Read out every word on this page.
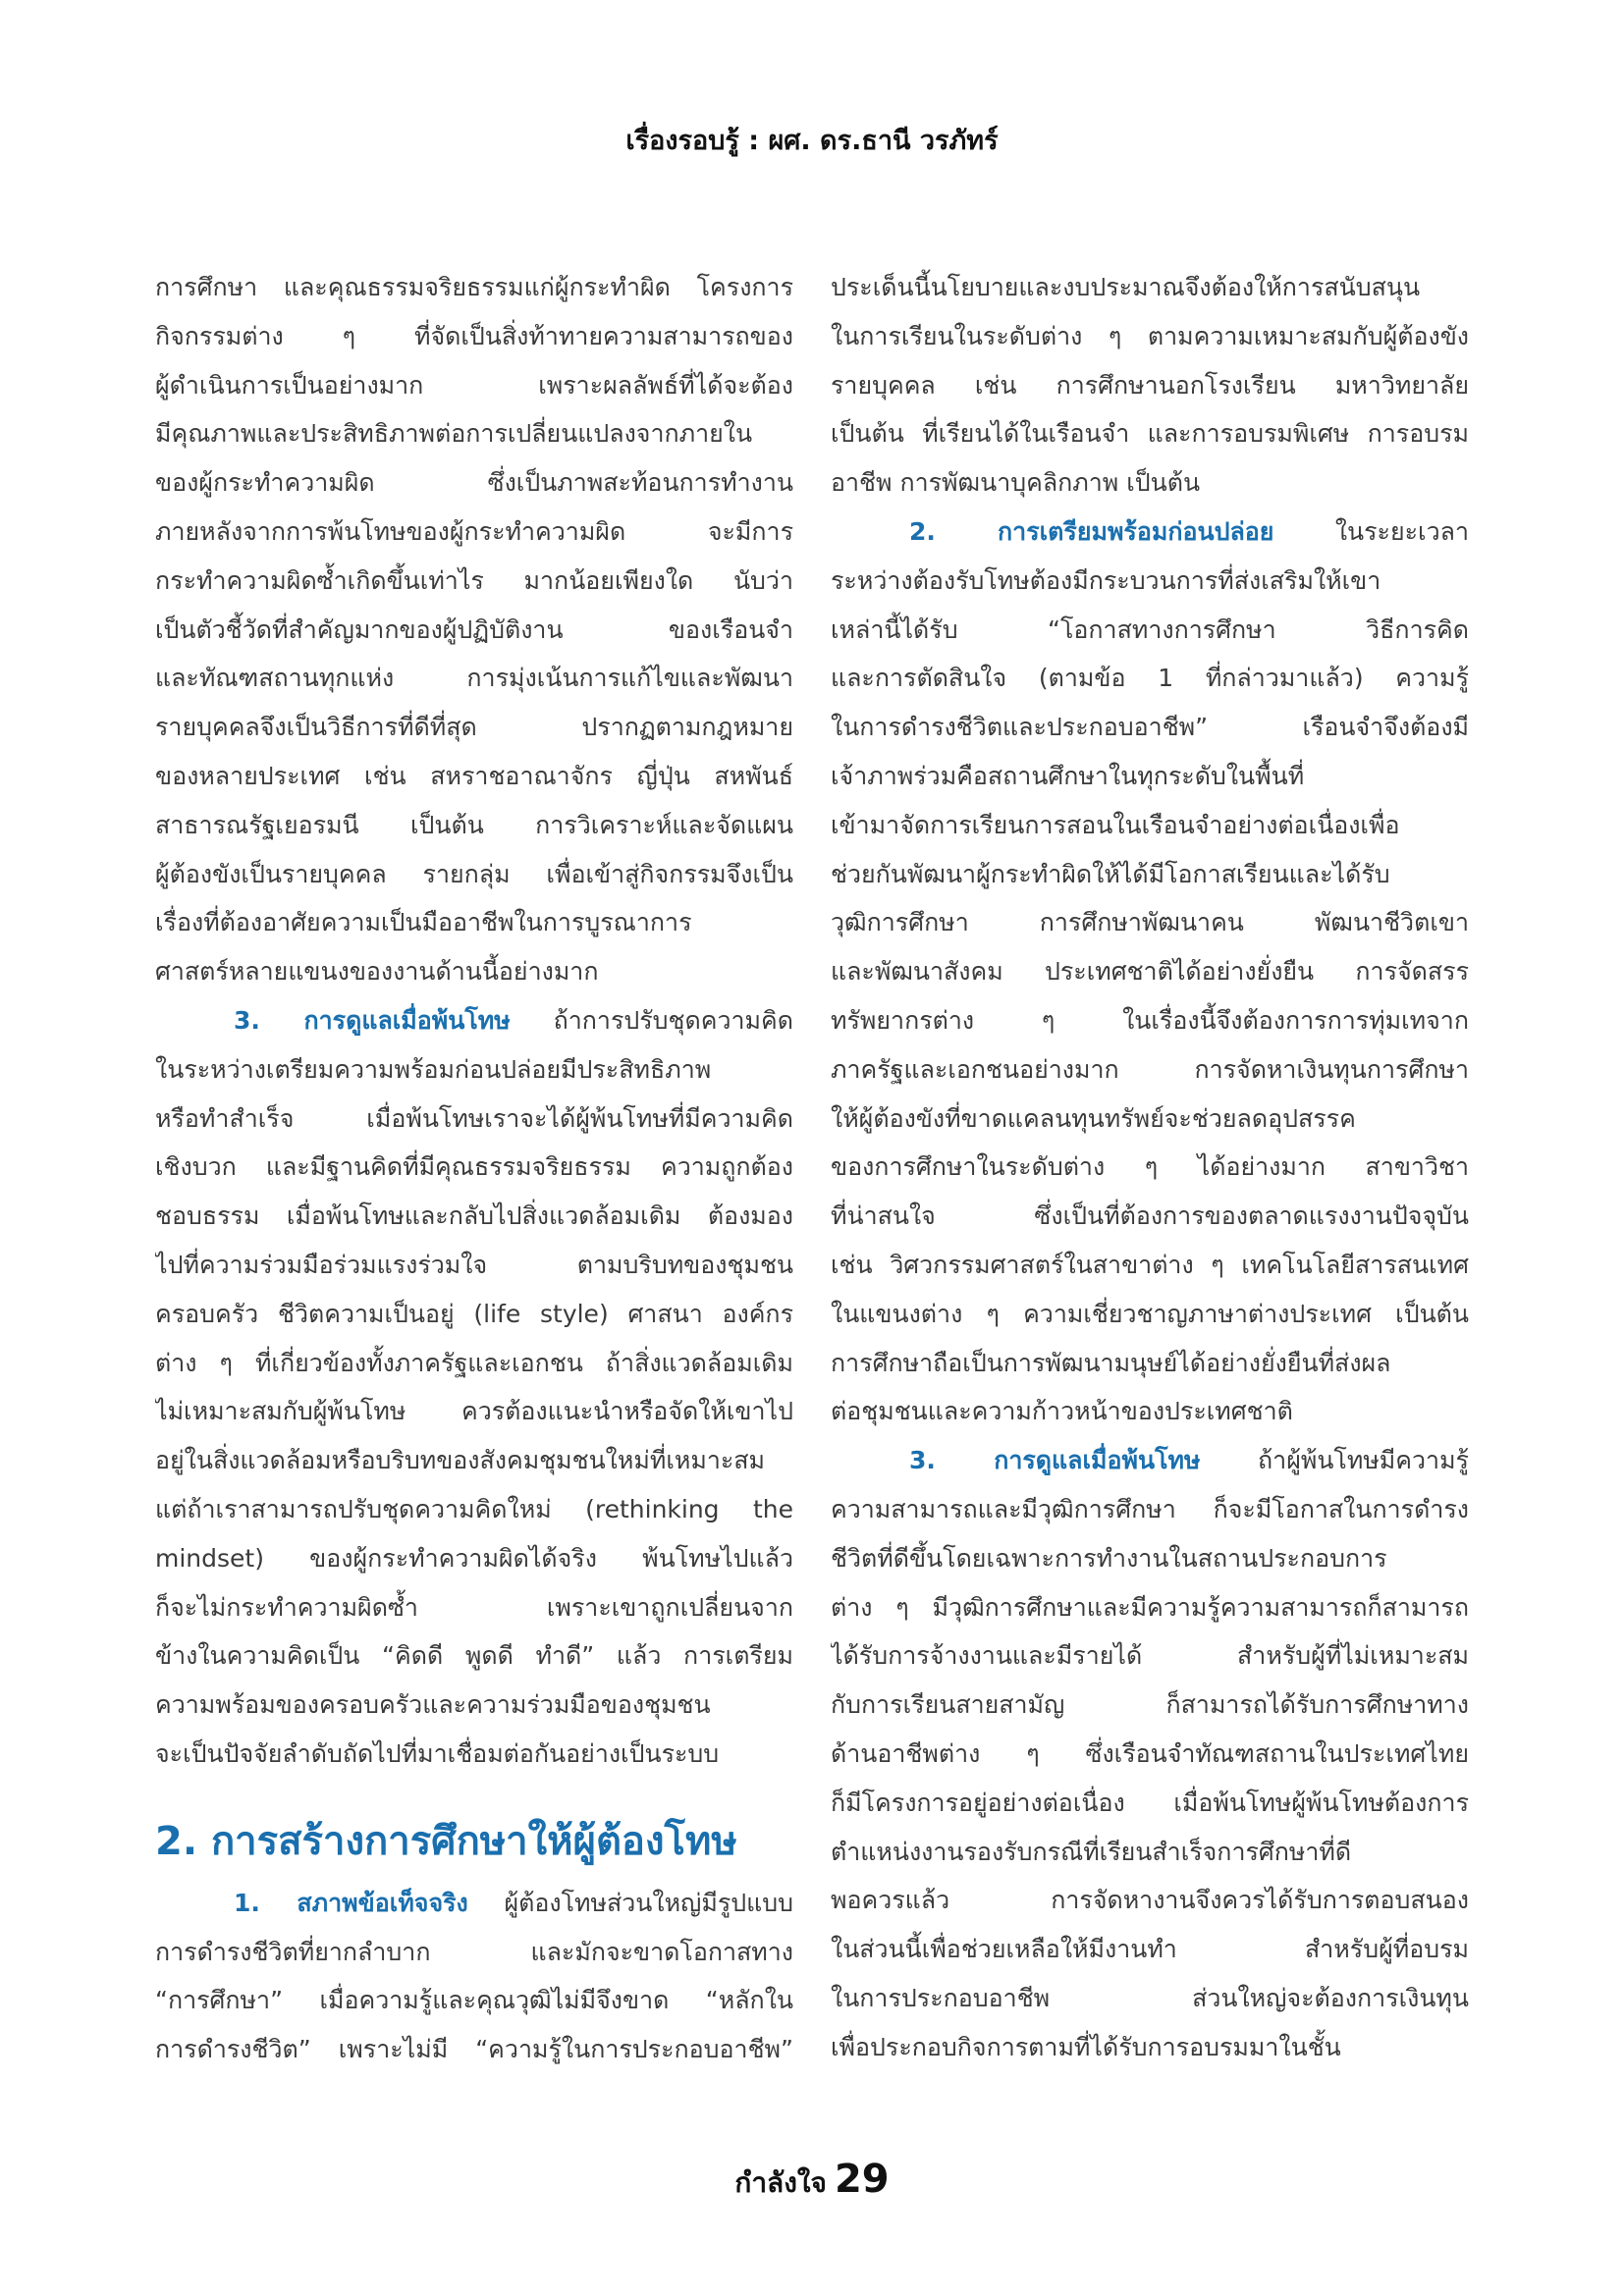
เรื่องรอบรู้ : ผศ. ดร.ธานี วรภัทร์
การศึกษา และคุณธรรมจริยธรรมแก่ผู้กระทำผิด โครงการ
กิจกรรมต่าง ๆ ที่จัดเป็นสิ่งท้าทายความสามารถของ
ผู้ดำเนินการเป็นอย่างมาก เพราะผลลัพธ์ที่ได้จะต้อง
มีคุณภาพและประสิทธิภาพต่อการเปลี่ยนแปลงจากภายใน
ของผู้กระทำความผิด ซึ่งเป็นภาพสะท้อนการทำงาน
ภายหลังจากการพ้นโทษของผู้กระทำความผิด จะมีการ
กระทำความผิดซ้ำเกิดขึ้นเท่าไร มากน้อยเพียงใด นับว่า
เป็นตัวชี้วัดที่สำคัญมากของผู้ปฏิบัติงาน ของเรือนจำ
และทัณฑสถานทุกแห่ง การมุ่งเน้นการแก้ไขและพัฒนา
รายบุคคลจึงเป็นวิธีการที่ดีที่สุด ปรากฏตามกฎหมาย
ของหลายประเทศ เช่น สหราชอาณาจักร ญี่ปุ่น สหพันธ์
สาธารณรัฐเยอรมนี เป็นต้น การวิเคราะห์และจัดแผน
ผู้ต้องขังเป็นรายบุคคล รายกลุ่ม เพื่อเข้าสู่กิจกรรมจึงเป็น
เรื่องที่ต้องอาศัยความเป็นมืออาชีพในการบูรณาการ
ศาสตร์หลายแขนงของงานด้านนี้อย่างมาก
3. การดูแลเมื่อพ้นโทษ ถ้าการปรับชุดความคิด
ในระหว่างเตรียมความพร้อมก่อนปล่อยมีประสิทธิภาพ
หรือทำสำเร็จ เมื่อพ้นโทษเราจะได้ผู้พ้นโทษที่มีความคิด
เชิงบวก และมีฐานคิดที่มีคุณธรรมจริยธรรม ความถูกต้อง
ชอบธรรม เมื่อพ้นโทษและกลับไปสิ่งแวดล้อมเดิม ต้องมอง
ไปที่ความร่วมมือร่วมแรงร่วมใจ ตามบริบทของชุมชน
ครอบครัว ชีวิตความเป็นอยู่ (life style) ศาสนา องค์กร
ต่าง ๆ ที่เกี่ยวข้องทั้งภาครัฐและเอกชน ถ้าสิ่งแวดล้อมเดิม
ไม่เหมาะสมกับผู้พ้นโทษ ควรต้องแนะนำหรือจัดให้เขาไป
อยู่ในสิ่งแวดล้อมหรือบริบทของสังคมชุมชนใหม่ที่เหมาะสม
แต่ถ้าเราสามารถปรับชุดความคิดใหม่ (rethinking the
mindset) ของผู้กระทำความผิดได้จริง พ้นโทษไปแล้ว
ก็จะไม่กระทำความผิดซ้ำ เพราะเขาถูกเปลี่ยนจาก
ข้างในความคิดเป็น “คิดดี พูดดี ทำดี” แล้ว การเตรียม
ความพร้อมของครอบครัวและความร่วมมือของชุมชน
จะเป็นปัจจัยลำดับถัดไปที่มาเชื่อมต่อกันอย่างเป็นระบบ
2. การสร้างการศึกษาให้ผู้ต้องโทษ
1. สภาพข้อเท็จจริง ผู้ต้องโทษส่วนใหญ่มีรูปแบบ
การดำรงชีวิตที่ยากลำบาก และมักจะขาดโอกาสทาง
“การศึกษา” เมื่อความรู้และคุณวุฒิไม่มีจึงขาด “หลักใน
การดำรงชีวิต” เพราะไม่มี “ความรู้ในการประกอบอาชีพ”
ประเด็นนี้นโยบายและงบประมาณจึงต้องให้การสนับสนุน
ในการเรียนในระดับต่าง ๆ ตามความเหมาะสมกับผู้ต้องขัง
รายบุคคล เช่น การศึกษานอกโรงเรียน มหาวิทยาลัย
เป็นต้น ที่เรียนได้ในเรือนจำ และการอบรมพิเศษ การอบรม
อาชีพ การพัฒนาบุคลิกภาพ เป็นต้น
2. การเตรียมพร้อมก่อนปล่อย ในระยะเวลา
ระหว่างต้องรับโทษต้องมีกระบวนการที่ส่งเสริมให้เขา
เหล่านี้ได้รับ “โอกาสทางการศึกษา วิธีการคิด
และการตัดสินใจ (ตามข้อ 1 ที่กล่าวมาแล้ว) ความรู้
ในการดำรงชีวิตและประกอบอาชีพ” เรือนจำจึงต้องมี
เจ้าภาพร่วมคือสถานศึกษาในทุกระดับในพื้นที่
เข้ามาจัดการเรียนการสอนในเรือนจำอย่างต่อเนื่องเพื่อ
ช่วยกันพัฒนาผู้กระทำผิดให้ได้มีโอกาสเรียนและได้รับ
วุฒิการศึกษา การศึกษาพัฒนาคน พัฒนาชีวิตเขา
และพัฒนาสังคม ประเทศชาติได้อย่างยั่งยืน การจัดสรร
ทรัพยากรต่าง ๆ ในเรื่องนี้จึงต้องการการทุ่มเทจาก
ภาครัฐและเอกชนอย่างมาก การจัดหาเงินทุนการศึกษา
ให้ผู้ต้องขังที่ขาดแคลนทุนทรัพย์จะช่วยลดอุปสรรค
ของการศึกษาในระดับต่าง ๆ ได้อย่างมาก สาขาวิชา
ที่น่าสนใจ ซึ่งเป็นที่ต้องการของตลาดแรงงานปัจจุบัน
เช่น วิศวกรรมศาสตร์ในสาขาต่าง ๆ เทคโนโลยีสารสนเทศ
ในแขนงต่าง ๆ ความเชี่ยวชาญภาษาต่างประเทศ เป็นต้น
การศึกษาถือเป็นการพัฒนามนุษย์ได้อย่างยั่งยืนที่ส่งผล
ต่อชุมชนและความก้าวหน้าของประเทศชาติ
3. การดูแลเมื่อพ้นโทษ ถ้าผู้พ้นโทษมีความรู้
ความสามารถและมีวุฒิการศึกษา ก็จะมีโอกาสในการดำรง
ชีวิตที่ดีขึ้นโดยเฉพาะการทำงานในสถานประกอบการ
ต่าง ๆ มีวุฒิการศึกษาและมีความรู้ความสามารถก็สามารถ
ได้รับการจ้างงานและมีรายได้ สำหรับผู้ที่ไม่เหมาะสม
กับการเรียนสายสามัญ ก็สามารถได้รับการศึกษาทาง
ด้านอาชีพต่าง ๆ ซึ่งเรือนจำทัณฑสถานในประเทศไทย
ก็มีโครงการอยู่อย่างต่อเนื่อง เมื่อพ้นโทษผู้พ้นโทษต้องการ
ตำแหน่งงานรองรับกรณีที่เรียนสำเร็จการศึกษาที่ดี
พอควรแล้ว การจัดหางานจึงควรได้รับการตอบสนอง
ในส่วนนี้เพื่อช่วยเหลือให้มีงานทำ สำหรับผู้ที่อบรม
ในการประกอบอาชีพ ส่วนใหญ่จะต้องการเงินทุน
เพื่อประกอบกิจการตามที่ได้รับการอบรมมาในชั้น
กำลังใจ 29
